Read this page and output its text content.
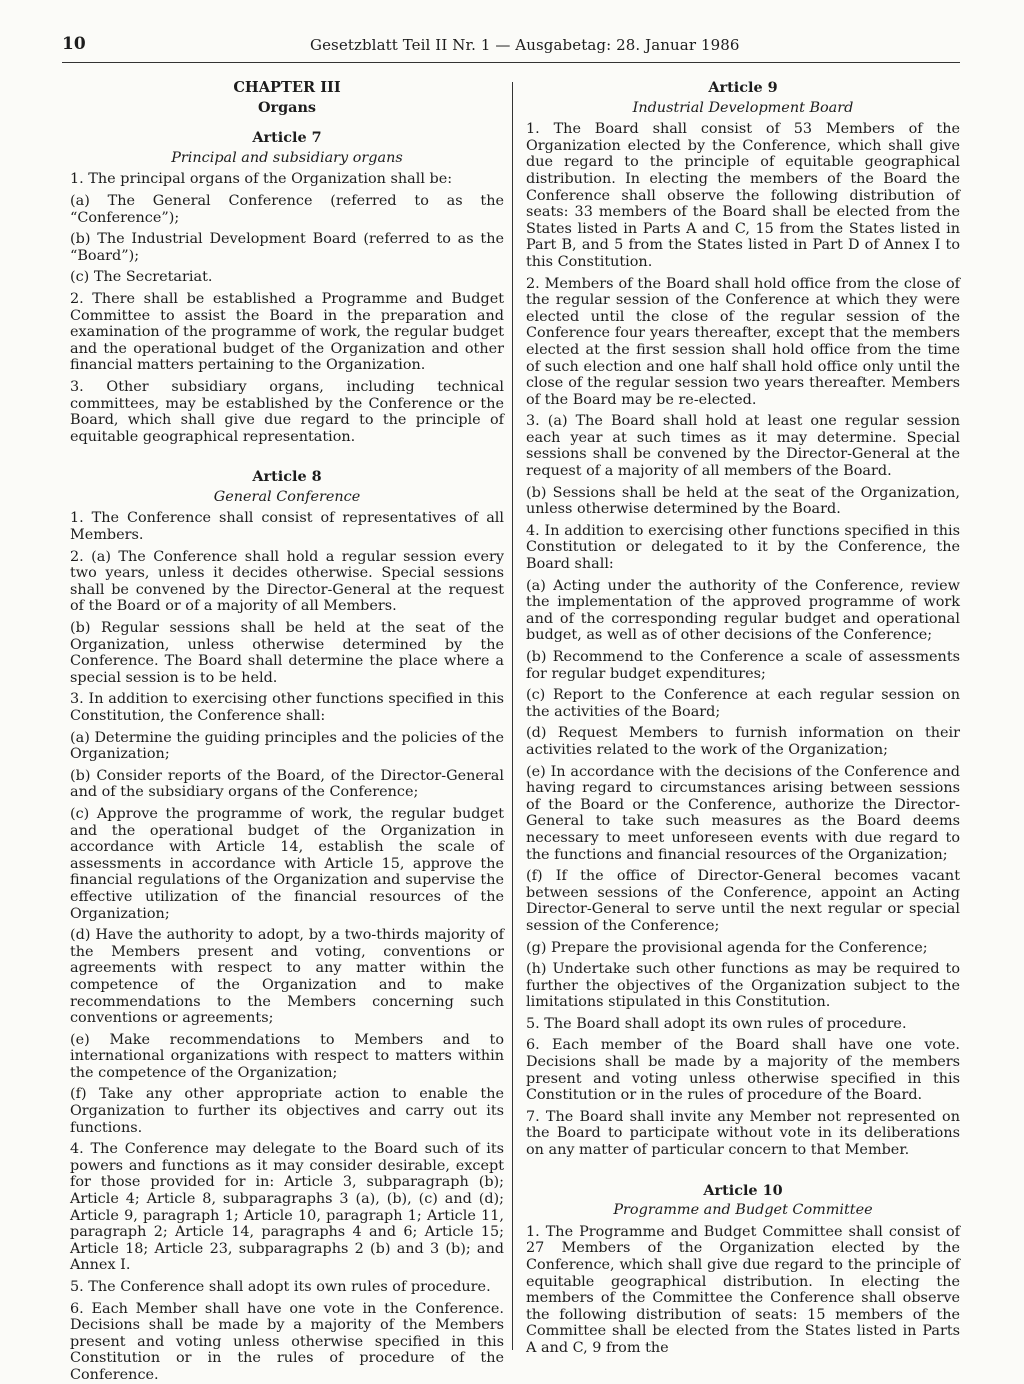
10	Gesetzblatt Teil II Nr. 1 — Ausgabetag: 28. Januar 1986

CHAPTER III

Organs

Article 7

Principal and subsidiary organs

1. The principal organs of the Organization shall be:

(a) The General Conference (referred to as the “Conference”);

(b) The Industrial Development Board (referred to as the “Board”);

(c) The Secretariat.

2. There shall be established a Programme and Budget Committee to assist the Board in the preparation and examination of the programme of work, the regular budget and the operational budget of the Organization and other financial matters pertaining to the Organization.

3. Other subsidiary organs, including technical committees, may be established by the Conference or the Board, which shall give due regard to the principle of equitable geographical representation.

Article 8

General Conference

1. The Conference shall consist of representatives of all Members.

2. (a) The Conference shall hold a regular session every two years, unless it decides otherwise. Special sessions shall be convened by the Director-General at the request of the Board or of a majority of all Members.

(b) Regular sessions shall be held at the seat of the Organization, unless otherwise determined by the Conference. The Board shall determine the place where a special session is to be held.

3. In addition to exercising other functions specified in this Constitution, the Conference shall:

(a) Determine the guiding principles and the policies of the Organization;

(b) Consider reports of the Board, of the Director-General and of the subsidiary organs of the Conference;

(c) Approve the programme of work, the regular budget and the operational budget of the Organization in accordance with Article 14, establish the scale of assessments in accordance with Article 15, approve the financial regulations of the Organization and supervise the effective utilization of the financial resources of the Organization;

(d) Have the authority to adopt, by a two-thirds majority of the Members present and voting, conventions or agreements with respect to any matter within the competence of the Organization and to make recommendations to the Members concerning such conventions or agreements;

(e) Make recommendations to Members and to international organizations with respect to matters within the competence of the Organization;

(f) Take any other appropriate action to enable the Organization to further its objectives and carry out its functions.

4. The Conference may delegate to the Board such of its powers and functions as it may consider desirable, except for those provided for in: Article 3, subparagraph (b); Article 4; Article 8, subparagraphs 3 (a), (b), (c) and (d); Article 9, paragraph 1; Article 10, paragraph 1; Article 11, paragraph 2; Article 14, paragraphs 4 and 6; Article 15; Article 18; Article 23, subparagraphs 2 (b) and 3 (b); and Annex I.

5. The Conference shall adopt its own rules of procedure.

6. Each Member shall have one vote in the Conference. Decisions shall be made by a majority of the Members present and voting unless otherwise specified in this Constitution or in the rules of procedure of the Conference.

Article 9

Industrial Development Board

1. The Board shall consist of 53 Members of the Organization elected by the Conference, which shall give due regard to the principle of equitable geographical distribution. In electing the members of the Board the Conference shall observe the following distribution of seats: 33 members of the Board shall be elected from the States listed in Parts A and C, 15 from the States listed in Part B, and 5 from the States listed in Part D of Annex I to this Constitution.

2. Members of the Board shall hold office from the close of the regular session of the Conference at which they were elected until the close of the regular session of the Conference four years thereafter, except that the members elected at the first session shall hold office from the time of such election and one half shall hold office only until the close of the regular session two years thereafter. Members of the Board may be re-elected.

3. (a) The Board shall hold at least one regular session each year at such times as it may determine. Special sessions shall be convened by the Director-General at the request of a majority of all members of the Board.

(b) Sessions shall be held at the seat of the Organization, unless otherwise determined by the Board.

4. In addition to exercising other functions specified in this Constitution or delegated to it by the Conference, the Board shall:

(a) Acting under the authority of the Conference, review the implementation of the approved programme of work and of the corresponding regular budget and operational budget, as well as of other decisions of the Conference;

(b) Recommend to the Conference a scale of assessments for regular budget expenditures;

(c) Report to the Conference at each regular session on the activities of the Board;

(d) Request Members to furnish information on their activities related to the work of the Organization;

(e) In accordance with the decisions of the Conference and having regard to circumstances arising between sessions of the Board or the Conference, authorize the Director-General to take such measures as the Board deems necessary to meet unforeseen events with due regard to the functions and financial resources of the Organization;

(f) If the office of Director-General becomes vacant between sessions of the Conference, appoint an Acting Director-General to serve until the next regular or special session of the Conference;

(g) Prepare the provisional agenda for the Conference;

(h) Undertake such other functions as may be required to further the objectives of the Organization subject to the limitations stipulated in this Constitution.

5. The Board shall adopt its own rules of procedure.

6. Each member of the Board shall have one vote. Decisions shall be made by a majority of the members present and voting unless otherwise specified in this Constitution or in the rules of procedure of the Board.

7. The Board shall invite any Member not represented on the Board to participate without vote in its deliberations on any matter of particular concern to that Member.

Article 10

Programme and Budget Committee

1. The Programme and Budget Committee shall consist of 27 Members of the Organization elected by the Conference, which shall give due regard to the principle of equitable geographical distribution. In electing the members of the Committee the Conference shall observe the following distribution of seats: 15 members of the Committee shall be elected from the States listed in Parts A and C, 9 from the
